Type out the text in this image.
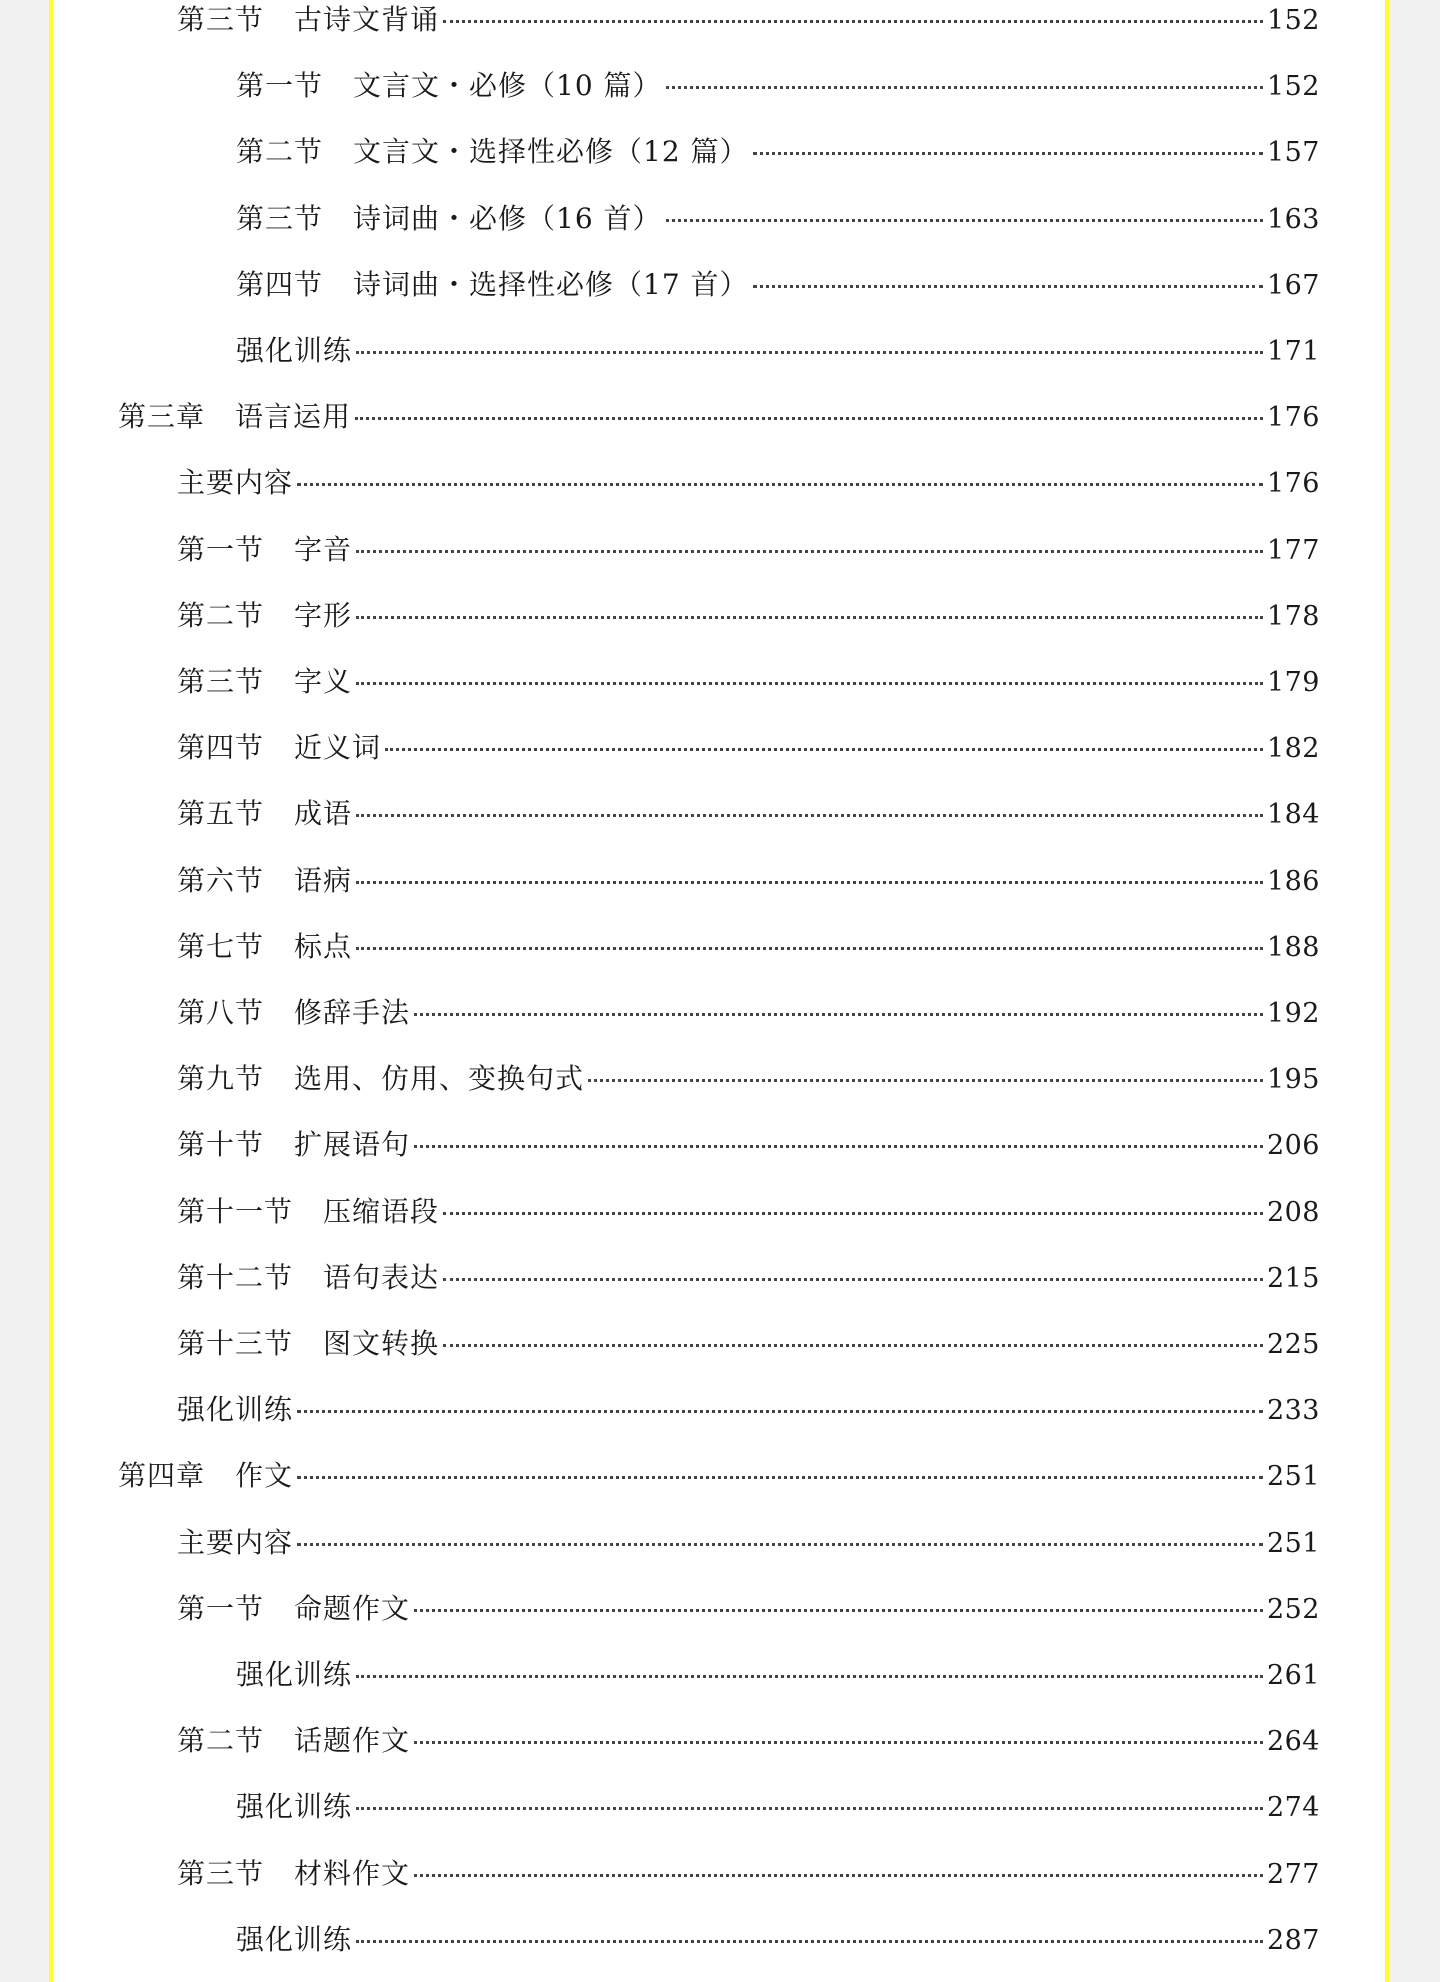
第三节 古诗文背诵	152
第一节 文言文・必修（10 篇）	152
第二节 文言文・选择性必修（12 篇）	157
第三节 诗词曲・必修（16 首）	163
第四节 诗词曲・选择性必修（17 首）	167
强化训练	171
第三章 语言运用	176
主要内容	176
第一节 字音	177
第二节 字形	178
第三节 字义	179
第四节 近义词	182
第五节 成语	184
第六节 语病	186
第七节 标点	188
第八节 修辞手法	192
第九节 选用、仿用、变换句式	195
第十节 扩展语句	206
第十一节 压缩语段	208
第十二节 语句表达	215
第十三节 图文转换	225
强化训练	233
第四章 作文	251
主要内容	251
第一节 命题作文	252
强化训练	261
第二节 话题作文	264
强化训练	274
第三节 材料作文	277
强化训练	287
